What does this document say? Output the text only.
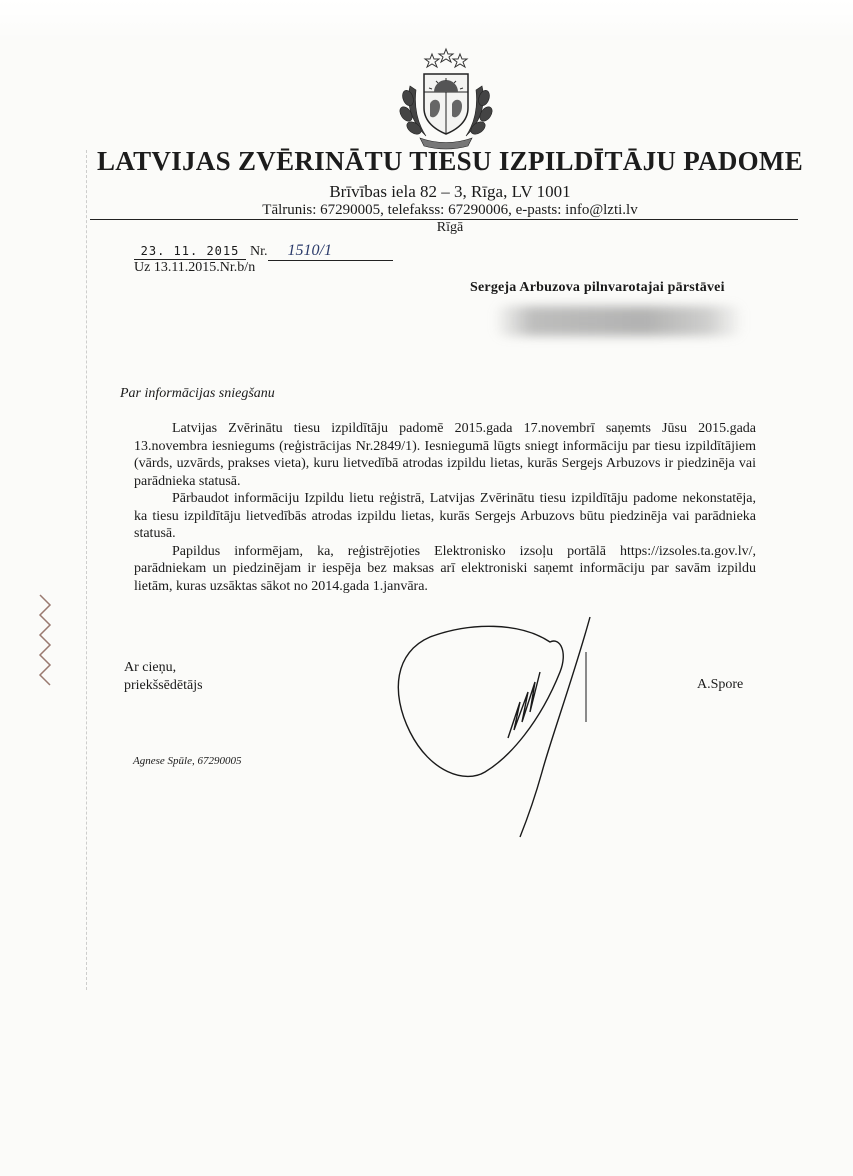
LATVIJAS ZVĒRINĀTU TIESU IZPILDĪTĀJU PADOME
Brīvības iela 82 – 3, Rīga, LV 1001
Tālrunis: 67290005, telefakss: 67290006, e-pasts: info@lzti.lv
Rīgā
23. 11. 2015 Nr. 1510/1
Uz 13.11.2015.Nr.b/n
Sergeja Arbuzova pilnvarotajai pārstāvei
Par informācijas sniegšanu

Latvijas Zvērinātu tiesu izpildītāju padomē 2015.gada 17.novembrī saņemts Jūsu 2015.gada 13.novembra iesniegums (reģistrācijas Nr.2849/1). Iesniegumā lūgts sniegt informāciju par tiesu izpildītājiem (vārds, uzvārds, prakses vieta), kuru lietvedībā atrodas izpildu lietas, kurās Sergejs Arbuzovs ir piedzinēja vai parādnieka statusā.

Pārbaudot informāciju Izpildu lietu reģistrā, Latvijas Zvērinātu tiesu izpildītāju padome nekonstatēja, ka tiesu izpildītāju lietvedībās atrodas izpildu lietas, kurās Sergejs Arbuzovs būtu piedzinēja vai parādnieka statusā.

Papildus informējam, ka, reģistrējoties Elektronisko izsoļu portālā https://izsoles.ta.gov.lv/, parādniekam un piedzinējam ir iespēja bez maksas arī elektroniski saņemt informāciju par savām izpildu lietām, kuras uzsāktas sākot no 2014.gada 1.janvāra.

Ar cieņu,
priekšsēdētājs	A.Spore
Agnese Spūle, 67290005
